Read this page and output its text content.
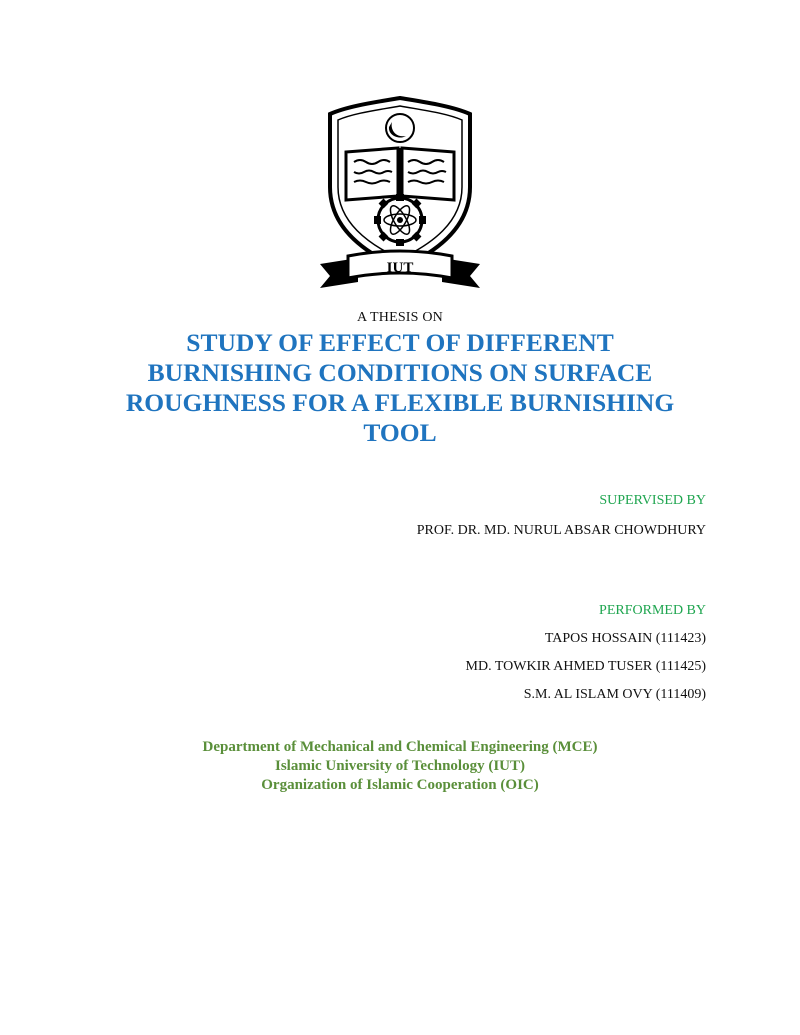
IUT
A THESIS ON
STUDY OF EFFECT OF DIFFERENT
BURNISHING CONDITIONS ON SURFACE
ROUGHNESS FOR A FLEXIBLE BURNISHING
TOOL
SUPERVISED BY
PROF. DR. MD. NURUL ABSAR CHOWDHURY
PERFORMED BY
TAPOS HOSSAIN (111423)
MD. TOWKIR AHMED TUSER (111425)
S.M. AL ISLAM OVY (111409)
Department of Mechanical and Chemical Engineering (MCE)
Islamic University of Technology (IUT)
Organization of Islamic Cooperation (OIC)
